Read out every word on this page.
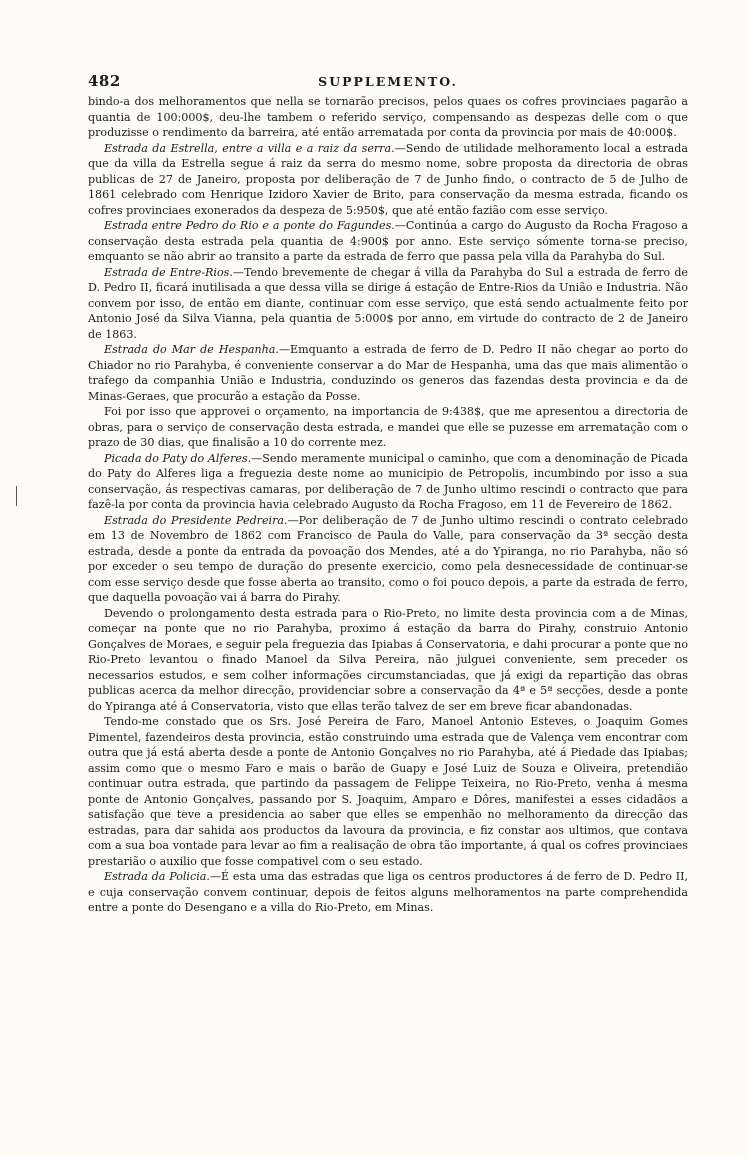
482	SUPPLEMENTO.

bindo-a dos melhoramentos que nella se tornarão precisos, pelos quaes os cofres provinciaes pagarão a quantia de 100:000$, deu-lhe tambem o referido serviço, compensando as despezas delle com o que produzisse o rendimento da barreira, até então arrematada por conta da provincia por mais de 40:000$.

Estrada da Estrella, entre a villa e a raiz da serra.—Sendo de utilidade melhoramento local a estrada que da villa da Estrella segue á raiz da serra do mesmo nome, sobre proposta da directoria de obras publicas de 27 de Janeiro, proposta por deliberação de 7 de Junho findo, o contracto de 5 de Julho de 1861 celebrado com Henrique Izidoro Xavier de Brito, para conservação da mesma estrada, ficando os cofres provinciaes exonerados da despeza de 5:950$, que até então fazião com esse serviço.

Estrada entre Pedro do Rio e a ponte do Fagundes.—Continúa a cargo do Augusto da Rocha Fragoso a conservação desta estrada pela quantia de 4:900$ por anno. Este serviço sómente torna-se preciso, emquanto se não abrir ao transito a parte da estrada de ferro que passa pela villa da Parahyba do Sul.

Estrada de Entre-Rios.—Tendo brevemente de chegar á villa da Parahyba do Sul a estrada de ferro de D. Pedro II, ficará inutilisada a que dessa villa se dirige á estação de Entre-Rios da União e Industria. Não convem por isso, de então em diante, continuar com esse serviço, que está sendo actualmente feito por Antonio José da Silva Vianna, pela quantia de 5:000$ por anno, em virtude do contracto de 2 de Janeiro de 1863.

Estrada do Mar de Hespanha.—Emquanto a estrada de ferro de D. Pedro II não chegar ao porto do Chiador no rio Parahyba, é conveniente conservar a do Mar de Hespanha, uma das que mais alimentão o trafego da companhia União e Industria, conduzindo os generos das fazendas desta provincia e da de Minas-Geraes, que procurão a estação da Posse.

Foi por isso que approvei o orçamento, na importancia de 9:438$, que me apresentou a directoria de obras, para o serviço de conservação desta estrada, e mandei que elle se puzesse em arrematação com o prazo de 30 dias, que finalisão a 10 do corrente mez.

Picada do Paty do Alferes.—Sendo meramente municipal o caminho, que com a denominação de Picada do Paty do Alferes liga a freguezia deste nome ao municipio de Petropolis, incumbindo por isso a sua conservação, ás respectivas camaras, por deliberação de 7 de Junho ultimo rescindi o contracto que para fazê-la por conta da provincia havia celebrado Augusto da Rocha Fragoso, em 11 de Fevereiro de 1862.

Estrada do Presidente Pedreira.—Por deliberação de 7 de Junho ultimo rescindi o contrato celebrado em 13 de Novembro de 1862 com Francisco de Paula do Valle, para conservação da 3ª secção desta estrada, desde a ponte da entrada da povoação dos Mendes, até a do Ypiranga, no rio Parahyba, não só por exceder o seu tempo de duração do presente exercicio, como pela desnecessidade de continuar-se com esse serviço desde que fosse aberta ao transito, como o foi pouco depois, a parte da estrada de ferro, que daquella povoação vai á barra do Pirahy.

Devendo o prolongamento desta estrada para o Rio-Preto, no limite desta provincia com a de Minas, começar na ponte que no rio Parahyba, proximo á estação da barra do Pirahy, construio Antonio Gonçalves de Moraes, e seguir pela freguezia das Ipiabas á Conservatoria, e dahi procurar a ponte que no Rio-Preto levantou o finado Manoel da Silva Pereira, não julguei conveniente, sem preceder os necessarios estudos, e sem colher informações circumstanciadas, que já exigi da repartição das obras publicas acerca da melhor direcção, providenciar sobre a conservação da 4ª e 5ª secções, desde a ponte do Ypiranga até á Conservatoria, visto que ellas terão talvez de ser em breve ficar abandonadas.

Tendo-me constado que os Srs. José Pereira de Faro, Manoel Antonio Esteves, o Joaquim Gomes Pimentel, fazendeiros desta provincia, estão construindo uma estrada que de Valença vem encontrar com outra que já está aberta desde a ponte de Antonio Gonçalves no rio Parahyba, até á Piedade das Ipiabas; assim como que o mesmo Faro e mais o barão de Guapy e José Luiz de Souza e Oliveira, pretendião continuar outra estrada, que partindo da passagem de Felippe Teixeira, no Rio-Preto, venha á mesma ponte de Antonio Gonçalves, passando por S. Joaquim, Amparo e Dôres, manifestei a esses cidadãos a satisfação que teve a presidencia ao saber que elles se empenhão no melhoramento da direcção das estradas, para dar sahida aos productos da lavoura da provincia, e fiz constar aos ultimos, que contava com a sua boa vontade para levar ao fim a realisação de obra tão importante, á qual os cofres provinciaes prestarião o auxilio que fosse compativel com o seu estado.

Estrada da Policia.—É esta uma das estradas que liga os centros productores á de ferro de D. Pedro II, e cuja conservação convem continuar, depois de feitos alguns melhoramentos na parte comprehendida entre a ponte do Desengano e a villa do Rio-Preto, em Minas.
